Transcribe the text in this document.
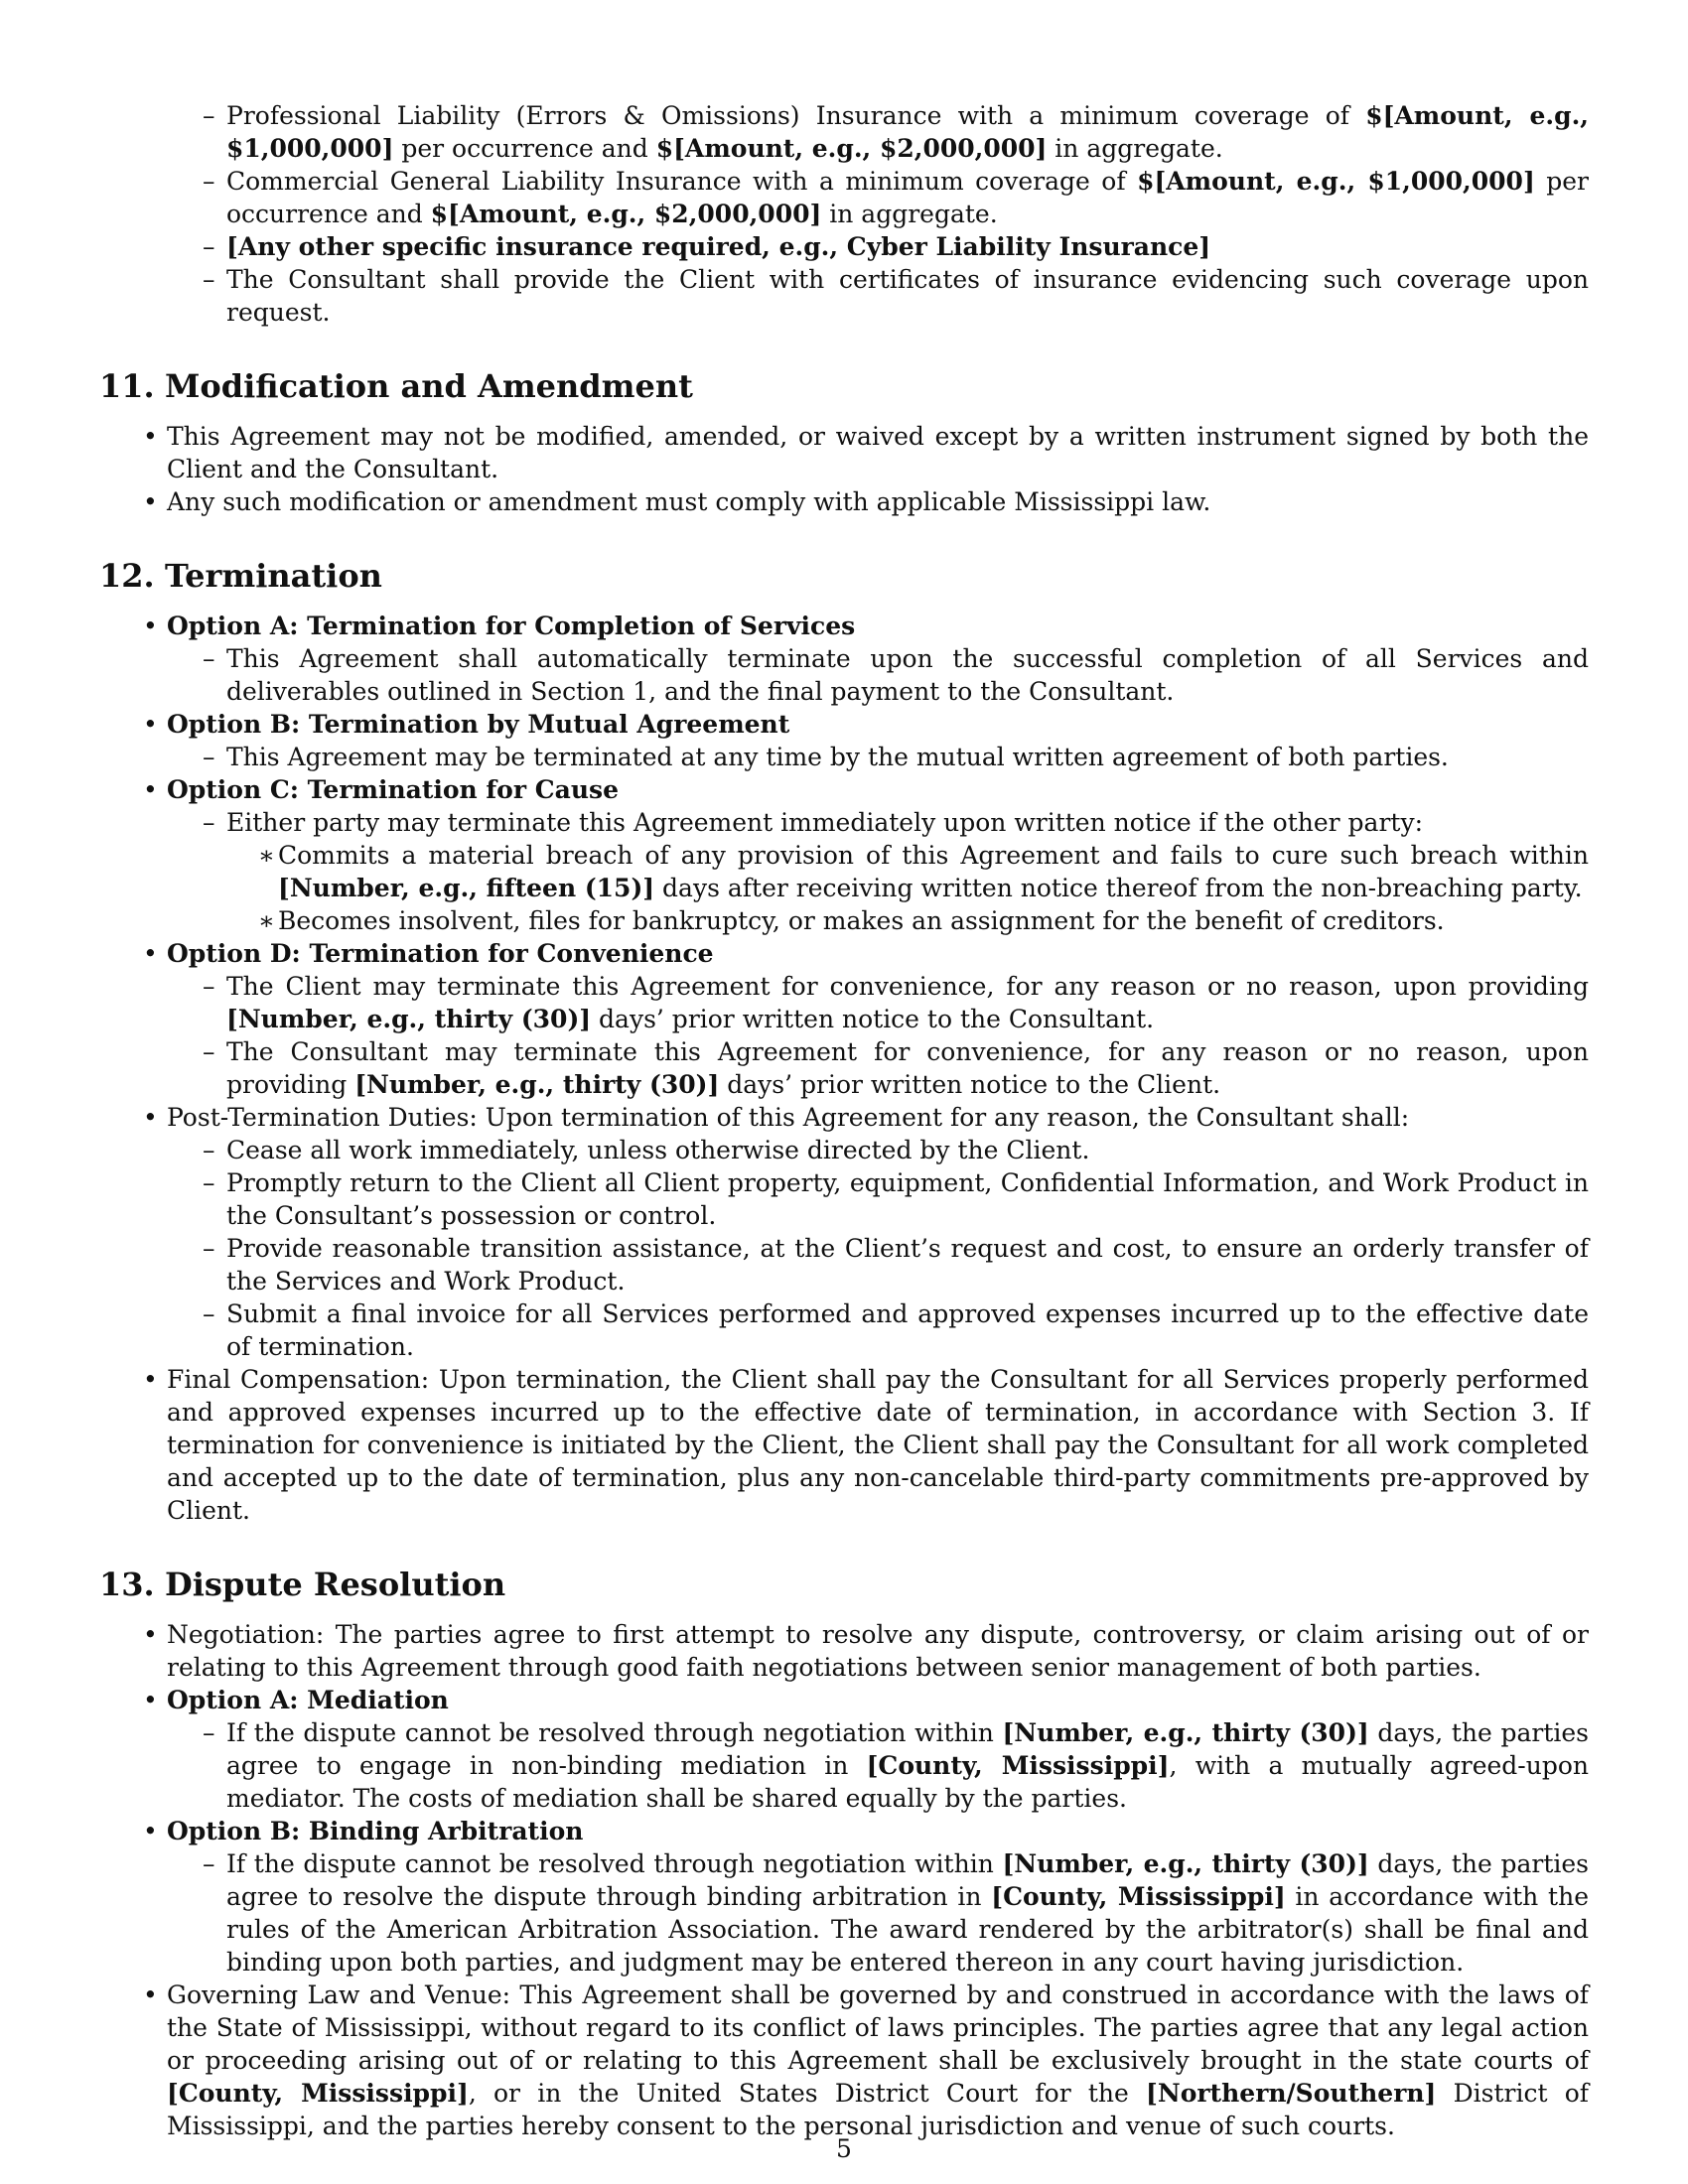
– Professional Liability (Errors & Omissions) Insurance with a minimum coverage of $[Amount, e.g., $1,000,000] per occurrence and $[Amount, e.g., $2,000,000] in aggregate.
– Commercial General Liability Insurance with a minimum coverage of $[Amount, e.g., $1,000,000] per occurrence and $[Amount, e.g., $2,000,000] in aggregate.
– [Any other specific insurance required, e.g., Cyber Liability Insurance]
– The Consultant shall provide the Client with certificates of insurance evidencing such coverage upon request.
11. Modification and Amendment
• This Agreement may not be modified, amended, or waived except by a written instrument signed by both the Client and the Consultant.
• Any such modification or amendment must comply with applicable Mississippi law.
12. Termination
• Option A: Termination for Completion of Services
– This Agreement shall automatically terminate upon the successful completion of all Services and deliverables outlined in Section 1, and the final payment to the Consultant.
• Option B: Termination by Mutual Agreement
– This Agreement may be terminated at any time by the mutual written agreement of both parties.
• Option C: Termination for Cause
– Either party may terminate this Agreement immediately upon written notice if the other party:
∗ Commits a material breach of any provision of this Agreement and fails to cure such breach within [Number, e.g., fifteen (15)] days after receiving written notice thereof from the non-breaching party.
∗ Becomes insolvent, files for bankruptcy, or makes an assignment for the benefit of creditors.
• Option D: Termination for Convenience
– The Client may terminate this Agreement for convenience, for any reason or no reason, upon providing [Number, e.g., thirty (30)] days’ prior written notice to the Consultant.
– The Consultant may terminate this Agreement for convenience, for any reason or no reason, upon providing [Number, e.g., thirty (30)] days’ prior written notice to the Client.
• Post-Termination Duties: Upon termination of this Agreement for any reason, the Consultant shall:
– Cease all work immediately, unless otherwise directed by the Client.
– Promptly return to the Client all Client property, equipment, Confidential Information, and Work Product in the Consultant’s possession or control.
– Provide reasonable transition assistance, at the Client’s request and cost, to ensure an orderly transfer of the Services and Work Product.
– Submit a final invoice for all Services performed and approved expenses incurred up to the effective date of termination.
• Final Compensation: Upon termination, the Client shall pay the Consultant for all Services properly performed and approved expenses incurred up to the effective date of termination, in accordance with Section 3. If termination for convenience is initiated by the Client, the Client shall pay the Consultant for all work completed and accepted up to the date of termination, plus any non-cancelable third-party commitments pre-approved by Client.
13. Dispute Resolution
• Negotiation: The parties agree to first attempt to resolve any dispute, controversy, or claim arising out of or relating to this Agreement through good faith negotiations between senior management of both parties.
• Option A: Mediation
– If the dispute cannot be resolved through negotiation within [Number, e.g., thirty (30)] days, the parties agree to engage in non-binding mediation in [County, Mississippi], with a mutually agreed-upon mediator. The costs of mediation shall be shared equally by the parties.
• Option B: Binding Arbitration
– If the dispute cannot be resolved through negotiation within [Number, e.g., thirty (30)] days, the parties agree to resolve the dispute through binding arbitration in [County, Mississippi] in accordance with the rules of the American Arbitration Association. The award rendered by the arbitrator(s) shall be final and binding upon both parties, and judgment may be entered thereon in any court having jurisdiction.
• Governing Law and Venue: This Agreement shall be governed by and construed in accordance with the laws of the State of Mississippi, without regard to its conflict of laws principles. The parties agree that any legal action or proceeding arising out of or relating to this Agreement shall be exclusively brought in the state courts of [County, Mississippi], or in the United States District Court for the [Northern/Southern] District of Mississippi, and the parties hereby consent to the personal jurisdiction and venue of such courts.
5
